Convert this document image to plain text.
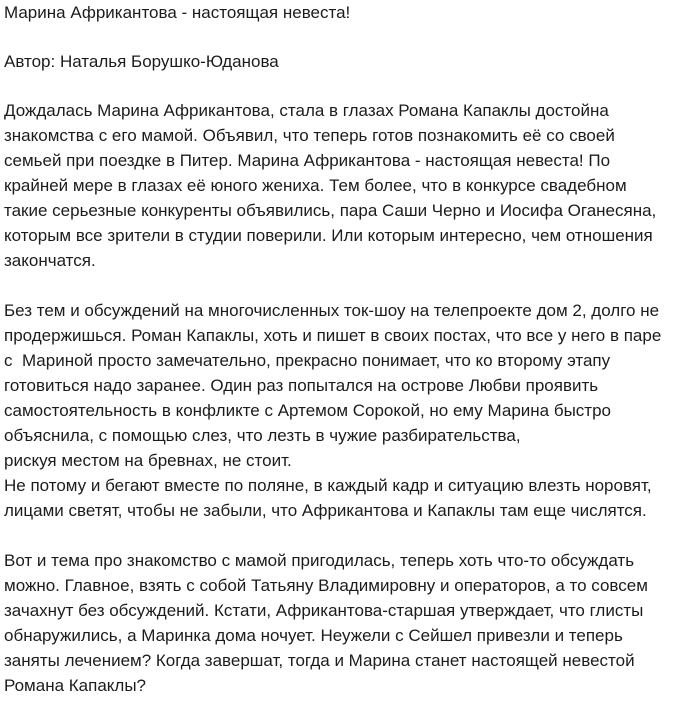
Марина Африкантова - настоящая невеста!
Автор: Наталья Борушко-Юданова
Дождалась Марина Африкантова, стала в глазах Романа Капаклы достойна
знакомства с его мамой. Объявил, что теперь готов познакомить её со своей
семьей при поездке в Питер. Марина Африкантова - настоящая невеста! По
крайней мере в глазах её юного жениха. Тем более, что в конкурсе свадебном
такие серьезные конкуренты объявились, пара Саши Черно и Иосифа Оганесяна,
которым все зрители в студии поверили. Или которым интересно, чем отношения
закончатся.
Без тем и обсуждений на многочисленных ток-шоу на телепроекте дом 2, долго не
продержишься. Роман Капаклы, хоть и пишет в своих постах, что все у него в паре
с  Мариной просто замечательно, прекрасно понимает, что ко второму этапу
готовиться надо заранее. Один раз попытался на острове Любви проявить
самостоятельность в конфликте с Артемом Сорокой, но ему Марина быстро
объяснила, с помощью слез, что лезть в чужие разбирательства,
рискуя местом на бревнах, не стоит.
Не потому и бегают вместе по поляне, в каждый кадр и ситуацию влезть норовят,
лицами светят, чтобы не забыли, что Африкантова и Капаклы там еще числятся.
Вот и тема про знакомство с мамой пригодилась, теперь хоть что-то обсуждать
можно. Главное, взять с собой Татьяну Владимировну и операторов, а то совсем
зачахнут без обсуждений. Кстати, Африкантова-старшая утверждает, что глисты
обнаружились, а Маринка дома ночует. Неужели с Сейшел привезли и теперь
заняты лечением? Когда завершат, тогда и Марина станет настоящей невестой
Романа Капаклы?
